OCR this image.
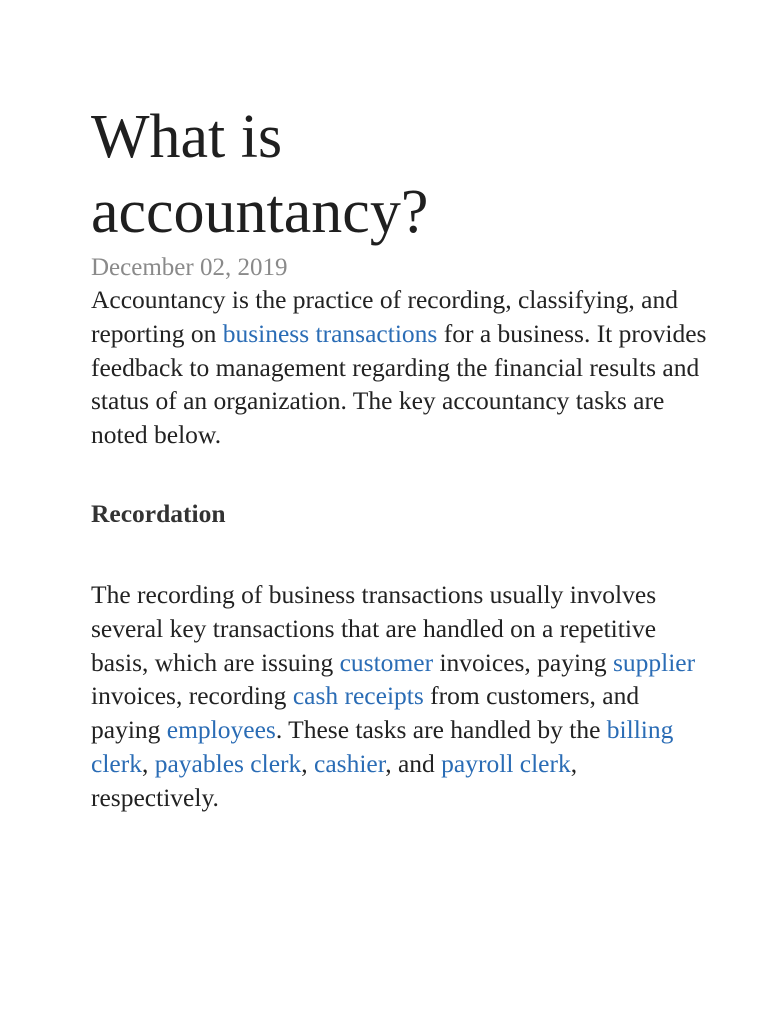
What is
accountancy?
December 02, 2019

Accountancy is the practice of recording, classifying, and reporting on business transactions for a business. It provides feedback to management regarding the financial results and status of an organization. The key accountancy tasks are noted below.

Recordation

The recording of business transactions usually involves several key transactions that are handled on a repetitive basis, which are issuing customer invoices, paying supplier invoices, recording cash receipts from customers, and paying employees. These tasks are handled by the billing clerk, payables clerk, cashier, and payroll clerk, respectively.
